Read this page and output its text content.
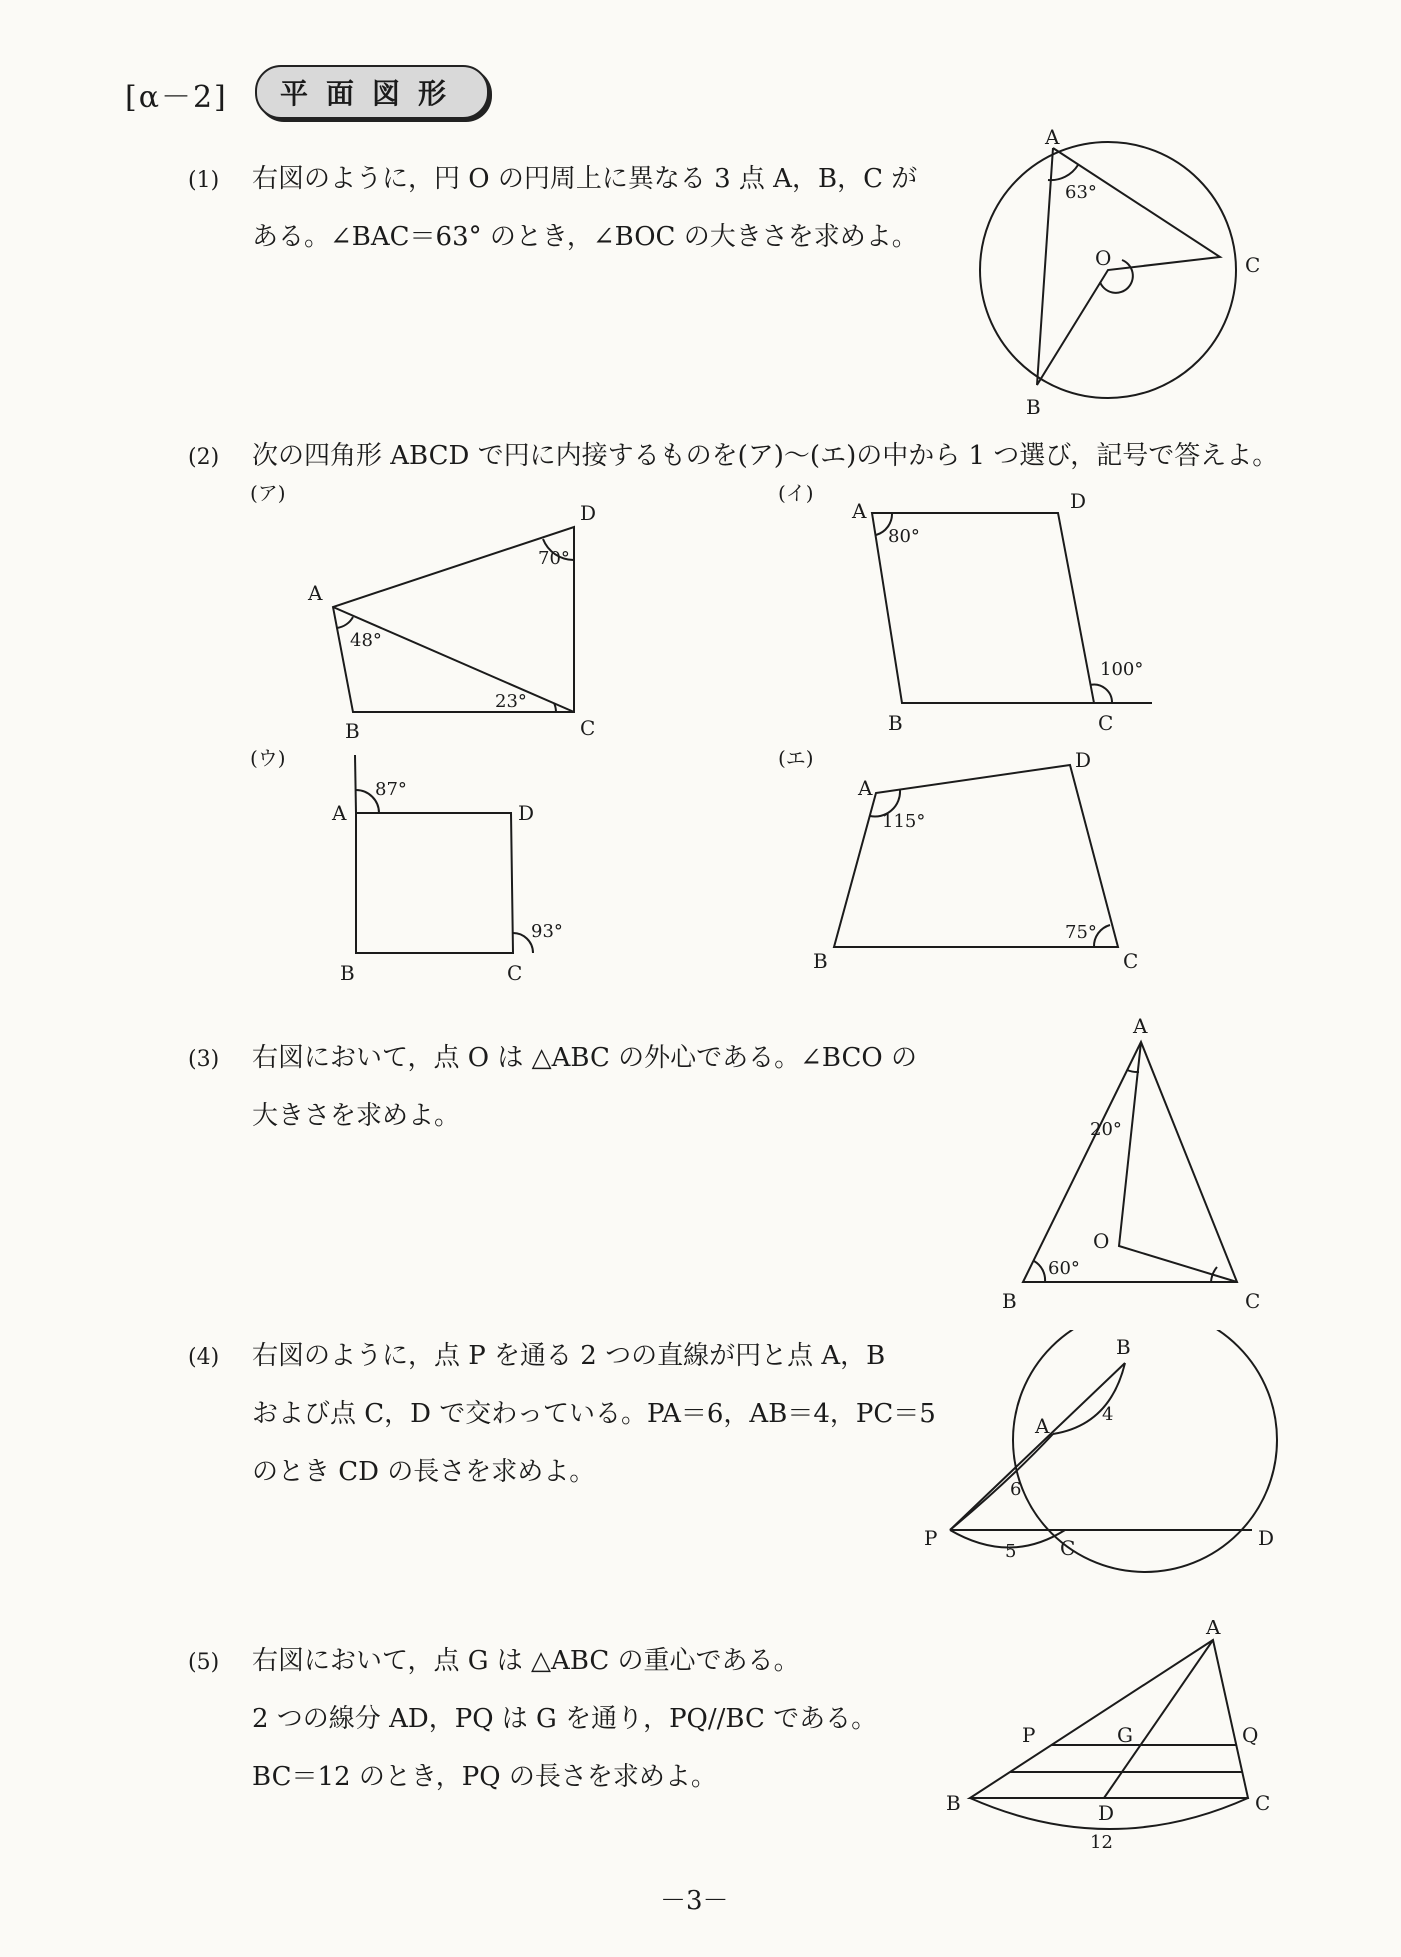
[α－2] 平面図形
(1) 右図のように，円 O の円周上に異なる 3 点 A，B，C が
ある。∠BAC＝63° のとき，∠BOC の大きさを求めよ。
A
B
C
O
63°
(2) 次の四角形 ABCD で円に内接するものを(ア)～(エ)の中から 1 つ選び，記号で答えよ。
(ア)
A
B	C
D
70°
48°
23°
(イ)
A
B	C
D
80°
100°
(ウ)
A
B	C
D
87°
93°
(エ)
A
B	C
D
115°
75°
(3) 右図において，点 O は △ABC の外心である。∠BCO の
大きさを求めよ。
A
B	C
O
20°
60°
(4) 右図のように，点 P を通る 2 つの直線が円と点 A，B
および点 C，D で交わっている。PA＝6，AB＝4，PC＝5
のとき CD の長さを求めよ。
B
A
P	C	D
6
4
5
(5) 右図において，点 G は △ABC の重心である。
2 つの線分 AD，PQ は G を通り，PQ//BC である。
BC＝12 のとき，PQ の長さを求めよ。
A
B	C
D
G
P	Q
12
－3－
